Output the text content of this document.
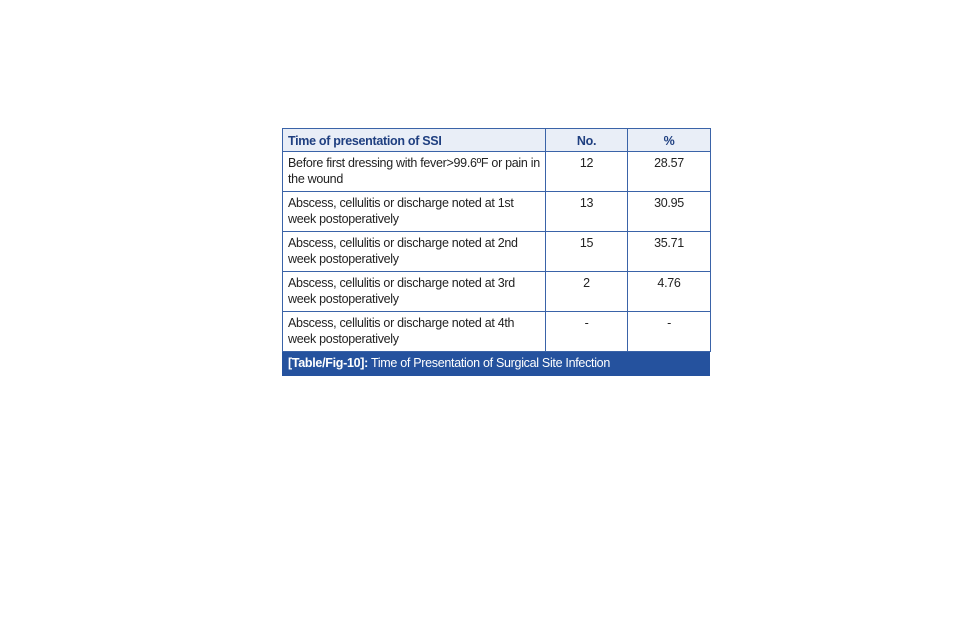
Time of presentation of SSI	No.	%
Before first dressing with fever>99.6ºF or pain in the wound	12	28.57
Abscess, cellulitis or discharge noted at 1st week postoperatively	13	30.95
Abscess, cellulitis or discharge noted at 2nd week postoperatively	15	35.71
Abscess, cellulitis or discharge noted at 3rd week postoperatively	2	4.76
Abscess, cellulitis or discharge noted at 4th week postoperatively	-	-
[Table/Fig-10]: Time of Presentation of Surgical Site Infection
